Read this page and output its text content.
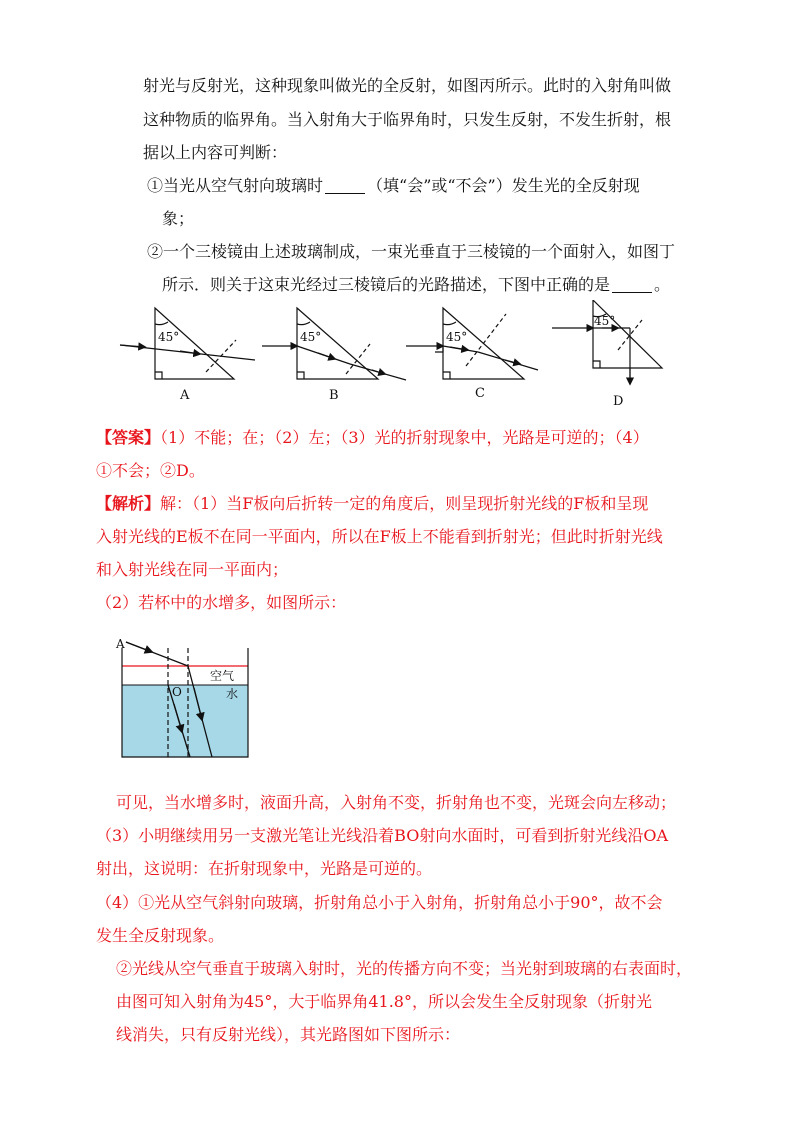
射光与反射光，这种现象叫做光的全反射，如图丙所示。此时的入射角叫做
这种物质的临界角。当入射角大于临界角时，只发生反射，不发生折射，根
据以上内容可判断：
①当光从空气射向玻璃时	（填“会”或“不会”）发生光的全反射现
象；
②一个三棱镜由上述玻璃制成，一束光垂直于三棱镜的一个面射入，如图丁
所示．则关于这束光经过三棱镜后的光路描述，下图中正确的是	。
45°
A
45°
B
45°
C
45°
D
【答案】（1）不能；在；（2）左；（3）光的折射现象中，光路是可逆的；（4）
①不会；②D。
【解析】解：（1）当F板向后折转一定的角度后，则呈现折射光线的F板和呈现
入射光线的E板不在同一平面内，所以在F板上不能看到折射光；但此时折射光线
和入射光线在同一平面内；
（2）若杯中的水增多，如图所示：
A
O
空气
水
可见，当水增多时，液面升高，入射角不变，折射角也不变，光斑会向左移动；
（3）小明继续用另一支激光笔让光线沿着BO射向水面时，可看到折射光线沿OA
射出，这说明：在折射现象中，光路是可逆的。
（4）①光从空气斜射向玻璃，折射角总小于入射角，折射角总小于90°，故不会
发生全反射现象。
②光线从空气垂直于玻璃入射时，光的传播方向不变；当光射到玻璃的右表面时，
由图可知入射角为45°，大于临界角41.8°，所以会发生全反射现象（折射光
线消失，只有反射光线），其光路图如下图所示：
